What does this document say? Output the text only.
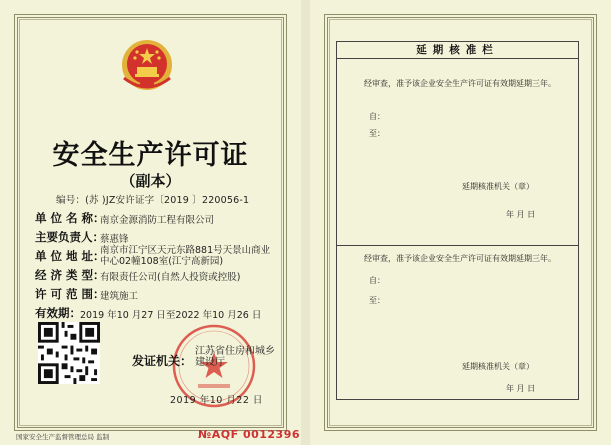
安全生产许可证
（副本）
编号：(苏 )JZ安许证字〔2019 〕220056-1
单 位 名 称：
南京金源消防工程有限公司
主要负责人：
蔡惠锋
单 位 地 址：
南京市江宁区天元东路881号天景山商业中心02幢108室(江宁高新园)
经 济 类 型：
有限责任公司(自然人投资或控股)
许 可 范 围：
建筑施工
有效期： 2019 年10 月27 日至2022 年10 月26 日
发证机关：
江苏省住房和城乡建设厅
2019 年10 月22 日
国家安全生产监督管理总局 监制	№AQF 0012396
延期核准栏
经审查，准予该企业安全生产许可证有效期延期三年。
自：
至：
延期核准机关（章）
年 月 日
经审查，准予该企业安全生产许可证有效期延期三年。
自：
至：
延期核准机关（章）
年 月 日
